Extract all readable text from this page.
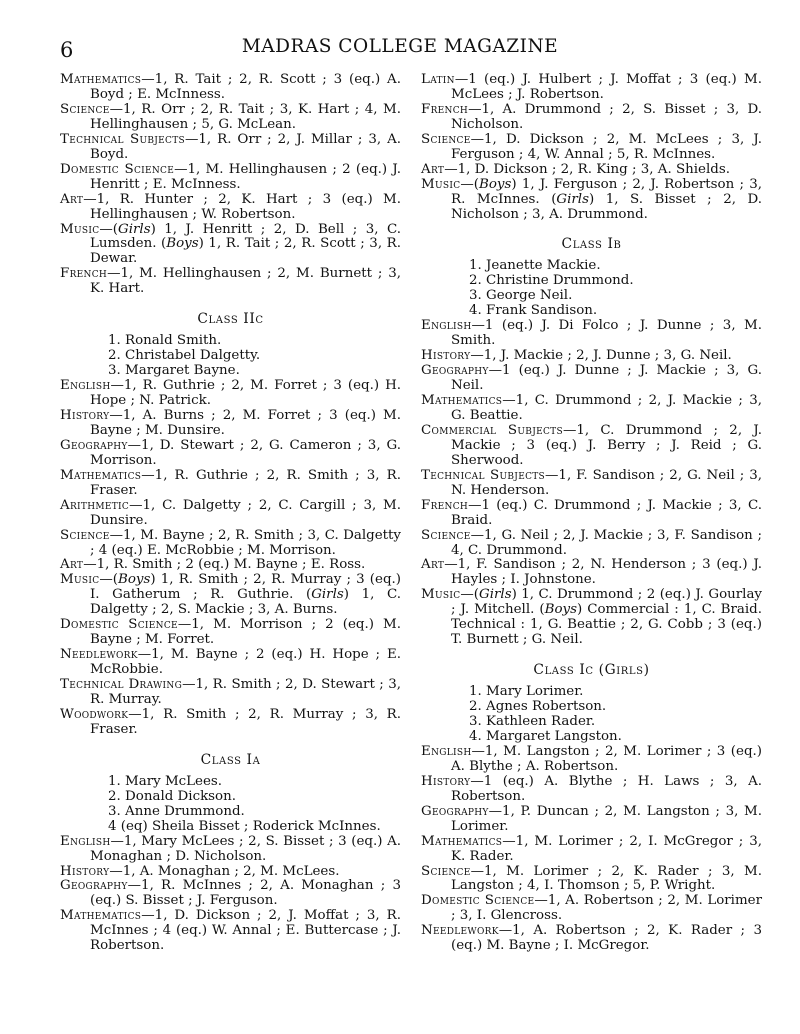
6	MADRAS COLLEGE MAGAZINE
Mathematics—1, R. Tait ; 2, R. Scott ; 3 (eq.) A. Boyd ; E. McInness.
Science—1, R. Orr ; 2, R. Tait ; 3, K. Hart ; 4, M. Hellinghausen ; 5, G. McLean.
Technical Subjects—1, R. Orr ; 2, J. Millar ; 3, A. Boyd.
Domestic Science—1, M. Hellinghausen ; 2 (eq.) J. Henritt ; E. McInness.
Art—1, R. Hunter ; 2, K. Hart ; 3 (eq.) M. Hellinghausen ; W. Robertson.
Music—(Girls) 1, J. Henritt ; 2, D. Bell ; 3, C. Lumsden. (Boys) 1, R. Tait ; 2, R. Scott ; 3, R. Dewar.
French—1, M. Hellinghausen ; 2, M. Burnett ; 3, K. Hart.
Class IIc
1. Ronald Smith.
2. Christabel Dalgetty.
3. Margaret Bayne.
English—1, R. Guthrie ; 2, M. Forret ; 3 (eq.) H. Hope ; N. Patrick.
History—1, A. Burns ; 2, M. Forret ; 3 (eq.) M. Bayne ; M. Dunsire.
Geography—1, D. Stewart ; 2, G. Cameron ; 3, G. Morrison.
Mathematics—1, R. Guthrie ; 2, R. Smith ; 3, R. Fraser.
Arithmetic—1, C. Dalgetty ; 2, C. Cargill ; 3, M. Dunsire.
Science—1, M. Bayne ; 2, R. Smith ; 3, C. Dalgetty ; 4 (eq.) E. McRobbie ; M. Morrison.
Art—1, R. Smith ; 2 (eq.) M. Bayne ; E. Ross.
Music—(Boys) 1, R. Smith ; 2, R. Murray ; 3 (eq.) I. Gatherum ; R. Guthrie. (Girls) 1, C. Dalgetty ; 2, S. Mackie ; 3, A. Burns.
Domestic Science—1, M. Morrison ; 2 (eq.) M. Bayne ; M. Forret.
Needlework—1, M. Bayne ; 2 (eq.) H. Hope ; E. McRobbie.
Technical Drawing—1, R. Smith ; 2, D. Stewart ; 3, R. Murray.
Woodwork—1, R. Smith ; 2, R. Murray ; 3, R. Fraser.
Class Ia
1. Mary McLees.
2. Donald Dickson.
3. Anne Drummond.
4 (eq) Sheila Bisset ; Roderick McInnes.
English—1, Mary McLees ; 2, S. Bisset ; 3 (eq.) A. Monaghan ; D. Nicholson.
History—1, A. Monaghan ; 2, M. McLees.
Geography—1, R. McInnes ; 2, A. Monaghan ; 3 (eq.) S. Bisset ; J. Ferguson.
Mathematics—1, D. Dickson ; 2, J. Moffat ; 3, R. McInnes ; 4 (eq.) W. Annal ; E. Buttercase ; J. Robertson.
Latin—1 (eq.) J. Hulbert ; J. Moffat ; 3 (eq.) M. McLees ; J. Robertson.
French—1, A. Drummond ; 2, S. Bisset ; 3, D. Nicholson.
Science—1, D. Dickson ; 2, M. McLees ; 3, J. Ferguson ; 4, W. Annal ; 5, R. McInnes.
Art—1, D. Dickson ; 2, R. King ; 3, A. Shields.
Music—(Boys) 1, J. Ferguson ; 2, J. Robertson ; 3, R. McInnes. (Girls) 1, S. Bisset ; 2, D. Nicholson ; 3, A. Drummond.
Class Ib
1. Jeanette Mackie.
2. Christine Drummond.
3. George Neil.
4. Frank Sandison.
English—1 (eq.) J. Di Folco ; J. Dunne ; 3, M. Smith.
History—1, J. Mackie ; 2, J. Dunne ; 3, G. Neil.
Geography—1 (eq.) J. Dunne ; J. Mackie ; 3, G. Neil.
Mathematics—1, C. Drummond ; 2, J. Mackie ; 3, G. Beattie.
Commercial Subjects—1, C. Drummond ; 2, J. Mackie ; 3 (eq.) J. Berry ; J. Reid ; G. Sherwood.
Technical Subjects—1, F. Sandison ; 2, G. Neil ; 3, N. Henderson.
French—1 (eq.) C. Drummond ; J. Mackie ; 3, C. Braid.
Science—1, G. Neil ; 2, J. Mackie ; 3, F. Sandison ; 4, C. Drummond.
Art—1, F. Sandison ; 2, N. Henderson ; 3 (eq.) J. Hayles ; I. Johnstone.
Music—(Girls) 1, C. Drummond ; 2 (eq.) J. Gourlay ; J. Mitchell. (Boys) Commercial : 1, C. Braid. Technical : 1, G. Beattie ; 2, G. Cobb ; 3 (eq.) T. Burnett ; G. Neil.
Class Ic (Girls)
1. Mary Lorimer.
2. Agnes Robertson.
3. Kathleen Rader.
4. Margaret Langston.
English—1, M. Langston ; 2, M. Lorimer ; 3 (eq.) A. Blythe ; A. Robertson.
History—1 (eq.) A. Blythe ; H. Laws ; 3, A. Robertson.
Geography—1, P. Duncan ; 2, M. Langston ; 3, M. Lorimer.
Mathematics—1, M. Lorimer ; 2, I. McGregor ; 3, K. Rader.
Science—1, M. Lorimer ; 2, K. Rader ; 3, M. Langston ; 4, I. Thomson ; 5, P. Wright.
Domestic Science—1, A. Robertson ; 2, M. Lorimer ; 3, I. Glencross.
Needlework—1, A. Robertson ; 2, K. Rader ; 3 (eq.) M. Bayne ; I. McGregor.
